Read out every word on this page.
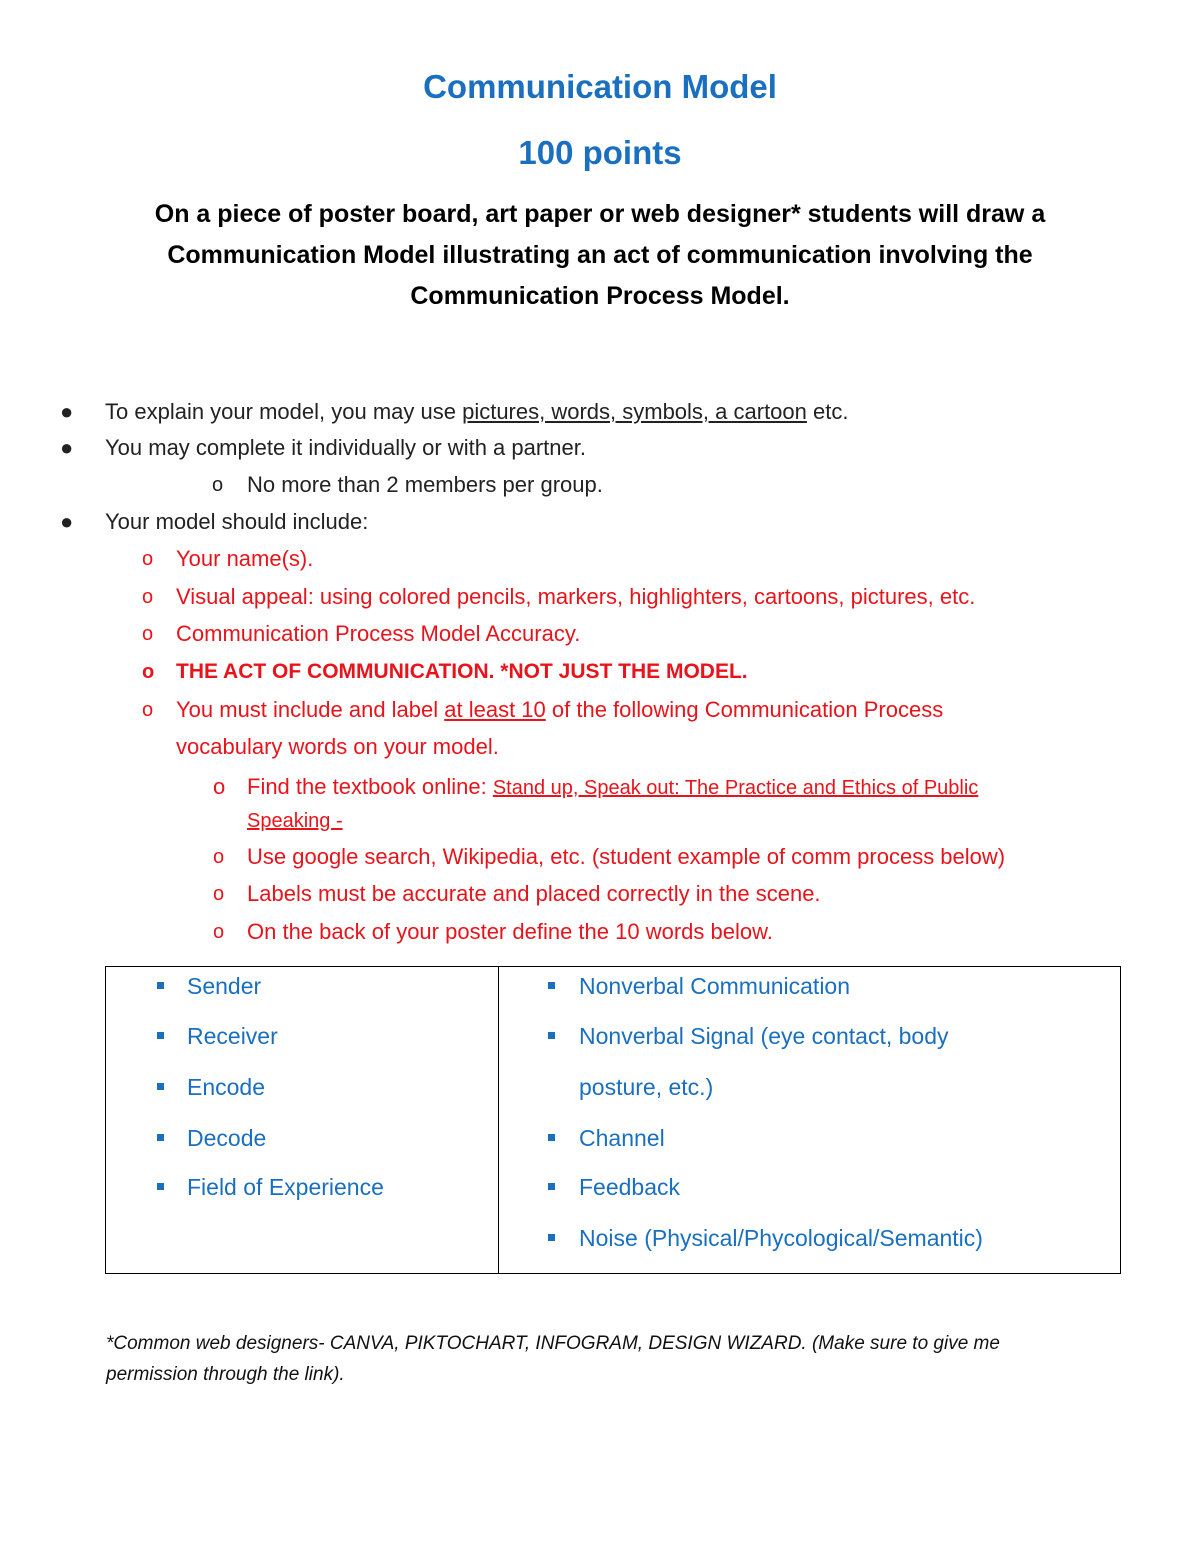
Communication Model
100 points
On a piece of poster board, art paper or web designer* students will draw a
Communication Model illustrating an act of communication involving the
Communication Process Model.
● To explain your model, you may use pictures, words, symbols, a cartoon etc.
● You may complete it individually or with a partner.
o No more than 2 members per group.
● Your model should include:
o Your name(s).
o Visual appeal: using colored pencils, markers, highlighters, cartoons, pictures, etc.
o Communication Process Model Accuracy.
o THE ACT OF COMMUNICATION. *NOT JUST THE MODEL.
o You must include and label at least 10 of the following Communication Process
vocabulary words on your model.
o Find the textbook online: Stand up, Speak out: The Practice and Ethics of Public
Speaking -
o Use google search, Wikipedia, etc. (student example of comm process below)
o Labels must be accurate and placed correctly in the scene.
o On the back of your poster define the 10 words below.
Sender
Receiver
Encode
Decode
Field of Experience

Nonverbal Communication
Nonverbal Signal (eye contact, body
posture, etc.)
Channel
Feedback
Noise (Physical/Phycological/Semantic)
*Common web designers- CANVA, PIKTOCHART, INFOGRAM, DESIGN WIZARD. (Make sure to give me
permission through the link).
